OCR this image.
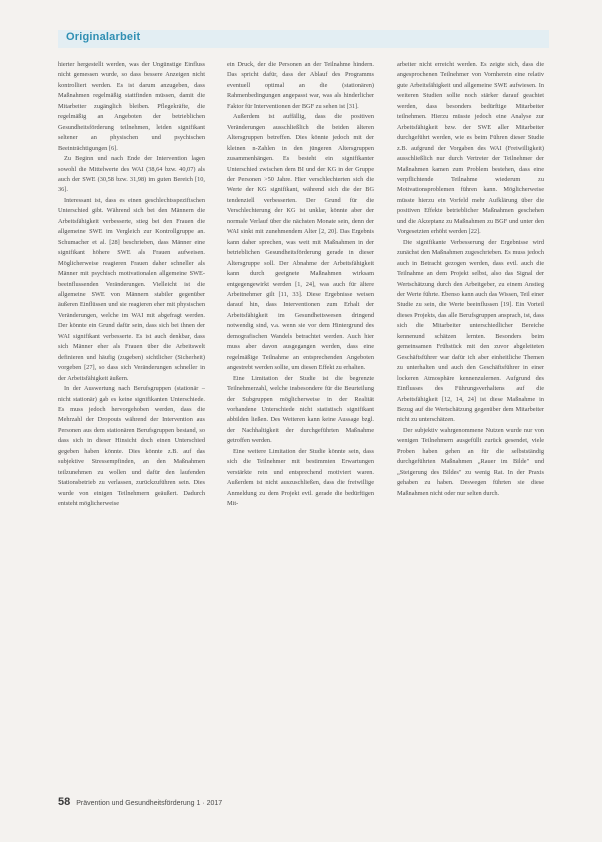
Originalarbeit

hierter hergestellt werden, was der Ungünstige Einfluss nicht gemessen wurde, so dass bessere Anzeigen nicht kontrolliert werden. Es ist darum anzugeben, dass Maßnahmen regelmäßig stattfinden müssen, damit die Mitarbeiter zugänglich bleiben. Pflegekräfte, die regelmäßig an Angeboten der betrieblichen Gesundheitsförderung teilnehmen, leiden signifikant seltener an physischen und psychischen Beeinträchtigungen [6].

Zu Beginn und nach Ende der Intervention lagen sowohl die Mittelwerte des WAI (38,64 bzw. 40,07) als auch der SWE (30,58 bzw. 31,98) im guten Bereich [10, 36].

Interessant ist, dass es einen geschlechtsspezifischen Unterschied gibt. Während sich bei den Männern die Arbeitsfähigkeit verbesserte, stieg bei den Frauen die allgemeine SWE im Vergleich zur Kontrollgruppe an. Schumacher et al. [28] beschrieben, dass Männer eine signifikant höhere SWE als Frauen aufweisen. Möglicherweise reagieren Frauen daher schneller als Männer mit psychisch motivationalen allgemeine SWE-beeinflussenden Veränderungen. Vielleicht ist die allgemeine SWE von Männern stabiler gegenüber äußeren Einflüssen und sie reagieren eher mit physischen Veränderungen, welche im WAI mit abgefragt werden. Der könnte ein Grund dafür sein, dass sich bei ihnen der WAI signifikant verbesserte. Es ist auch denkbar, dass sich Männer eher als Frauen über die Arbeitswelt definieren und häufig (zugeben) sichtlicher (Sicherheit) vorgeben [27], so dass sich Veränderungen schneller in der Arbeitsfähigkeit äußern.

In der Auswertung nach Berufsgruppen (stationär – nicht stationär) gab es keine signifikanten Unterschiede. Es muss jedoch hervorgehoben werden, dass die Mehrzahl der Dropouts während der Intervention aus Personen aus dem stationären Berufsgruppen bestand, so dass sich in dieser Hinsicht doch einen Unterschied gegeben haben könnte. Dies könnte z.B. auf das subjektive Stressempfinden, an den Maßnahmen teilzunehmen zu wollen und dafür den laufenden Stationsbetrieb zu verlassen, zurückzuführen sein. Dies wurde von einigen Teilnehmern geäußert. Dadurch entsteht möglicherweise

ein Druck, der die Personen an der Teilnahme hindern. Das spricht dafür, dass der Ablauf des Programms eventuell optimal an die (stationären) Rahmenbedingungen angepasst war, was als hinderlicher Faktor für Interventionen der BGF zu sehen ist [31].

Außerdem ist auffällig, dass die positiven Veränderungen ausschließlich die beiden älteren Altersgruppen betreffen. Dies könnte jedoch mit der kleinen n-Zahlen in den jüngeren Altersgruppen zusammenhängen. Es besteht ein signifikanter Unterschied zwischen dem BI und der KG in der Gruppe der Personen >50 Jahre. Hier verschlechterten sich die Werte der KG signifikant, während sich die der BG tendenziell verbesserten. Der Grund für die Verschlechterung der KG ist unklar, könnte aber der normale Verlauf über die nächsten Monate sein, denn der WAI sinkt mit zunehmendem Alter [2, 20]. Das Ergebnis kann daher sprechen, was weit mit Maßnahmen in der betrieblichen Gesundheitsförderung gerade in dieser Altersgruppe soll. Der Abnahme der Arbeitsfähigkeit kann durch geeignete Maßnahmen wirksam entgegengewirkt werden [1, 24], was auch für ältere Arbeitnehmer gilt [11, 33]. Diese Ergebnisse weisen darauf hin, dass Interventionen zum Erhalt der Arbeitsfähigkeit im Gesundheitswesen dringend notwendig sind, v.a. wenn sie vor dem Hintergrund des demografischen Wandels betrachtet werden. Auch hier muss aber davon ausgegangen werden, dass eine regelmäßige Teilnahme an entsprechenden Angeboten angestrebt werden sollte, um diesen Effekt zu erhalten.

Eine Limitation der Studie ist die begrenzte Teilnehmerzahl, welche insbesondere für die Beurteilung der Subgruppen möglicherweise in der Realität vorhandene Unterschiede nicht statistisch signifikant abbilden ließen. Des Weiteren kann keine Aussage bzgl. der Nachhaltigkeit der durchgeführten Maßnahme getroffen werden.

Eine weitere Limitation der Studie könnte sein, dass sich die Teilnehmer mit bestimmten Erwartungen verstärkte rein und entsprechend motiviert waren. Außerdem ist nicht auszuschließen, dass die freiwillige Anmeldung zu dem Projekt evtl. gerade die bedürftigen Mit-

arbeiter nicht erreicht werden. Es zeigte sich, dass die angesprochenen Teilnehmer von Vornherein eine relativ gute Arbeitsfähigkeit und allgemeine SWE aufwiesen. In weiteren Studien sollte noch stärker darauf geachtet werden, dass besonders bedürftige Mitarbeiter teilnehmen. Hierzu müsste jedoch eine Analyse zur Arbeitsfähigkeit bzw. der SWE aller Mitarbeiter durchgeführt werden, wie es beim Führen dieser Studie z.B. aufgrund der Vorgaben des WAI (Freiwilligkeit) ausschließlich nur durch Vertreter der Teilnehmer der Maßnahmen kamen zum Problem bestehen, dass eine verpflichtende Teilnahme wiederum zu Motivationsproblemen führen kann. Möglicherweise müsste hierzu ein Vorfeld mehr Aufklärung über die positiven Effekte betrieblicher Maßnahmen geschehen und die Akzeptanz zu Maßnahmen zu BGF und unter den Vorgesetzten erhöht werden [22].

Die signifikante Verbesserung der Ergebnisse wird zunächst den Maßnahmen zugeschrieben. Es muss jedoch auch in Betracht gezogen werden, dass evtl. auch die Teilnahme an dem Projekt selbst, also das Signal der Wertschätzung durch den Arbeitgeber, zu einem Anstieg der Werte führte. Ebenso kann auch das Wissen, Teil einer Studie zu sein, die Werte beeinflussen [19]. Ein Vorteil dieses Projekts, das alle Berufsgruppen ansprach, ist, dass sich die Mitarbeiter unterschiedlicher Bereiche kennenund schätzen lernten. Besonders beim gemeinsamen Frühstück mit den zuvor abgeleiteten Geschäftsführer war dafür ich aber einheitliche Themen zu unterhalten und auch den Geschäftsführer in einer lockeren Atmosphäre kennenzulernen. Aufgrund des Einflusses des Führungsverhaltens auf die Arbeitsfähigkeit [12, 14, 24] ist diese Maßnahme in Bezug auf die Wertschätzung gegenüber dem Mitarbeiter nicht zu unterschätzen.

Der subjektiv wahrgenommene Nutzen wurde nur von wenigen Teilnehmern ausgefüllt zurück gesendet, viele Proben haben gehen an für die selbstständig durchgeführten Maßnahmen „Rauer im Bilde" und „Steigerung des Bildes" zu wenig Rat. In der Praxis gehaben zu haben. Deswegen führten sie diese Maßnahmen nicht oder nur selten durch.

58 Prävention und Gesundheitsförderung 1 · 2017
